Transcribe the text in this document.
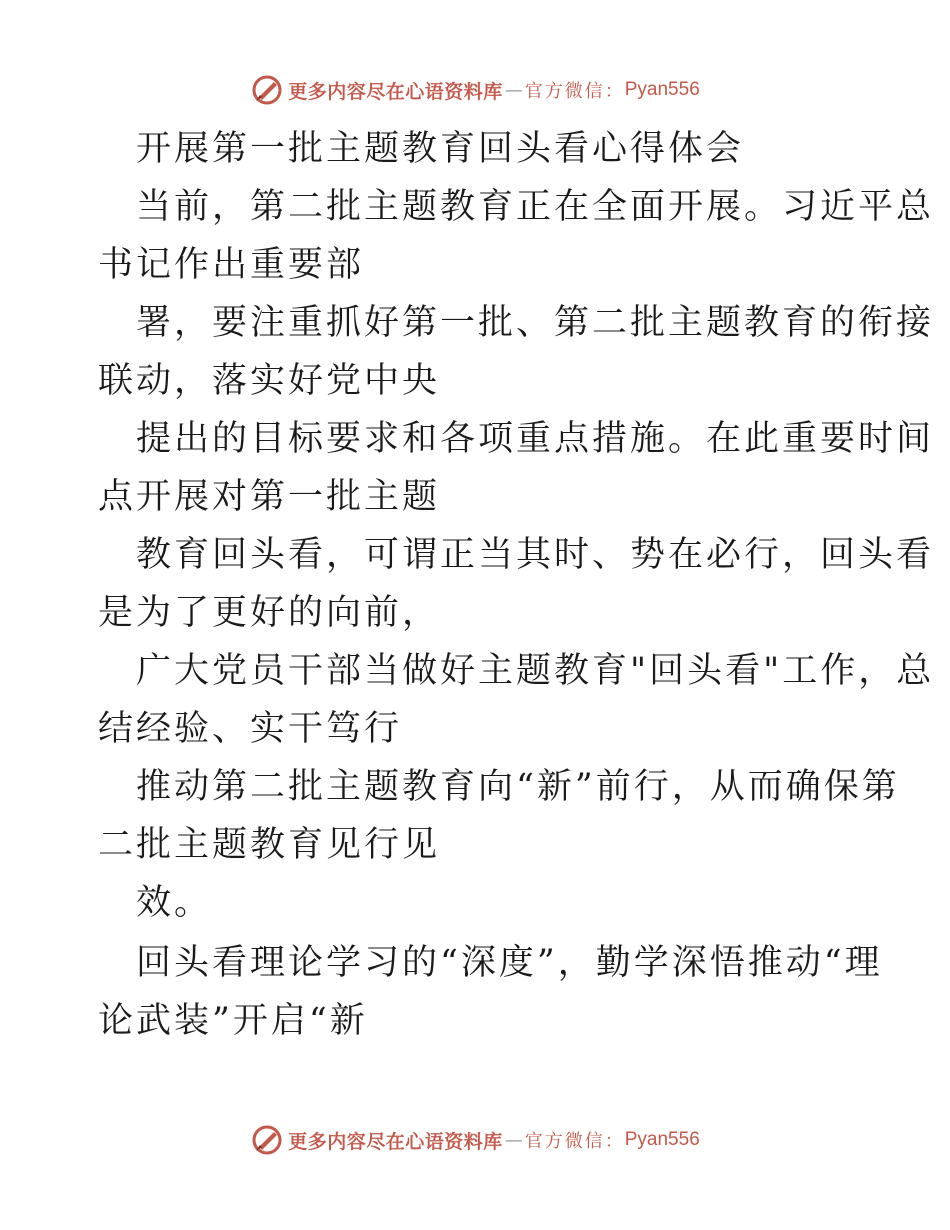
更多内容尽在心语资料库 — 官方微信： Pyan556
开展第一批主题教育回头看心得体会
当前，第二批主题教育正在全面开展。习近平总
书记作出重要部
署，要注重抓好第一批、第二批主题教育的衔接
联动，落实好党中央
提出的目标要求和各项重点措施。在此重要时间
点开展对第一批主题
教育回头看，可谓正当其时、势在必行，回头看
是为了更好的向前，
广大党员干部当做好主题教育"回头看"工作，总
结经验、实干笃行
推动第二批主题教育向“新”前行，从而确保第
二批主题教育见行见
效。
回头看理论学习的“深度”，勤学深悟推动“理
论武装”开启“新
更多内容尽在心语资料库 — 官方微信： Pyan556
